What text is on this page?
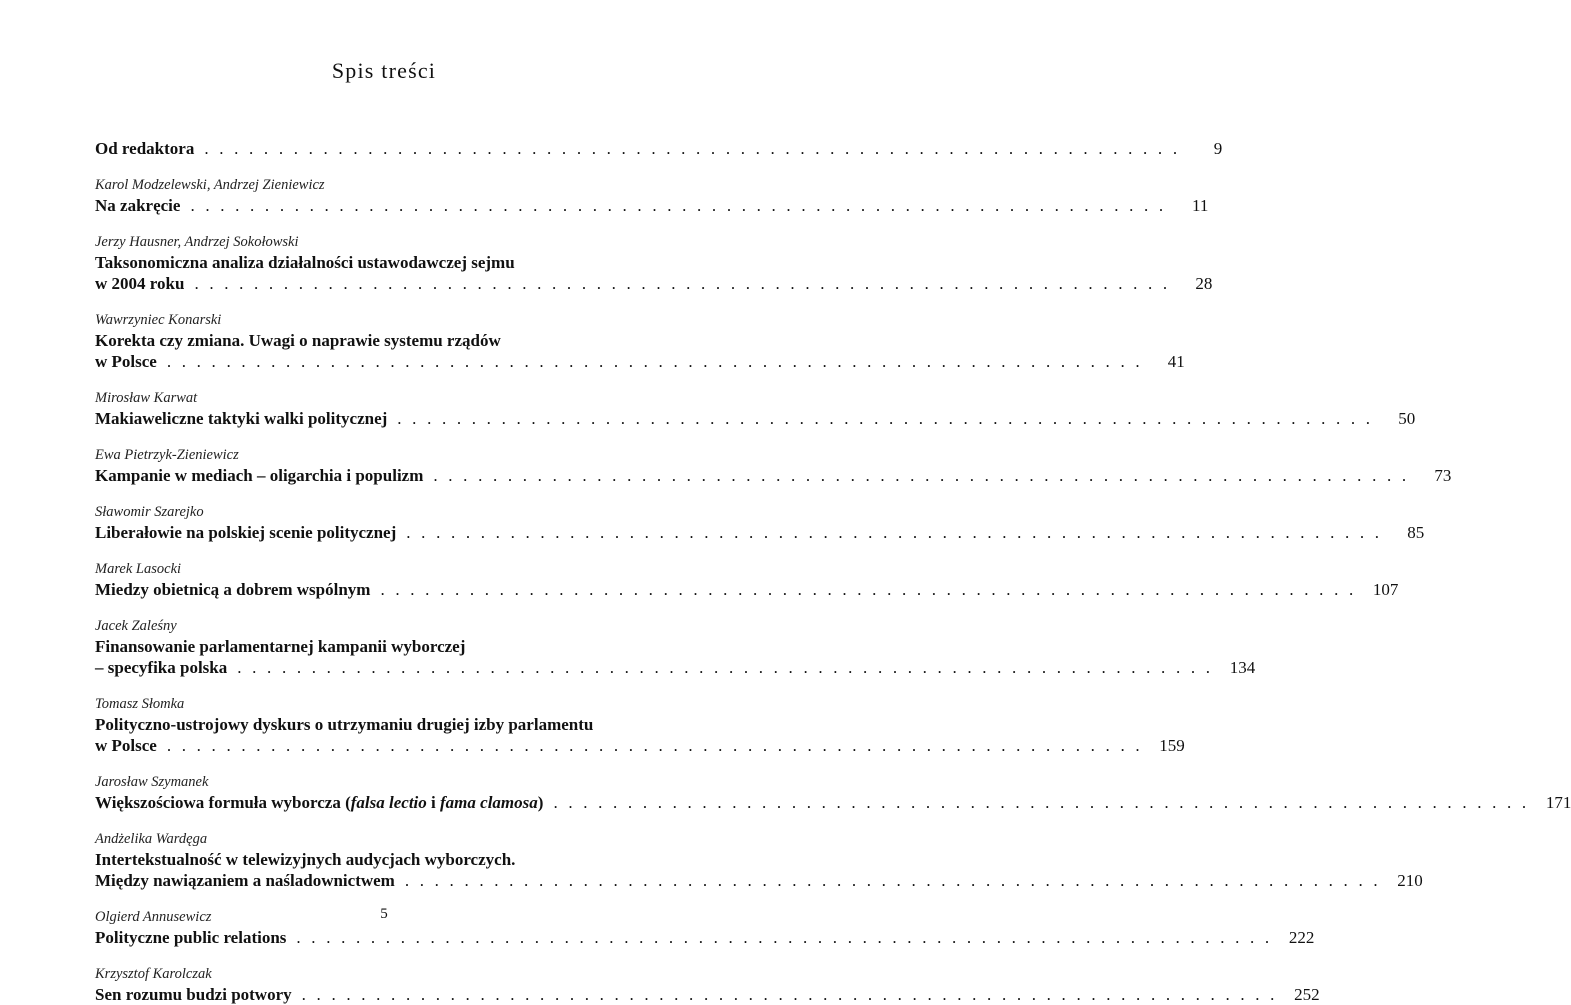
Spis treści
Od redaktora . . . . . . . . . . . . . . . . . . . . . . . . . . . . . . . . . . . . . . . . . . . . . . . . . . . . . . . . . . . . . . . . . .	9
Karol Modzelewski, Andrzej Zieniewicz
Na zakręcie . . . . . . . . . . . . . . . . . . . . . . . . . . . . . . . . . . . . . . . . . . . . . . . . . . . . . . . . . . . . . . . . . .	11
Jerzy Hausner, Andrzej Sokołowski
Taksonomiczna analiza działalności ustawodawczej sejmu
w 2004 roku . . . . . . . . . . . . . . . . . . . . . . . . . . . . . . . . . . . . . . . . . . . . . . . . . . . . . . . . . . . . . . . . . .	28
Wawrzyniec Konarski
Korekta czy zmiana. Uwagi o naprawie systemu rządów
w Polsce . . . . . . . . . . . . . . . . . . . . . . . . . . . . . . . . . . . . . . . . . . . . . . . . . . . . . . . . . . . . . . . . . .	41
Mirosław Karwat
Makiaweliczne taktyki walki politycznej . . . . . . . . . . . . . . . . . . . . . . . . . . . . . . . . . . . . . . . . . . . . . . . . . . . . . . . . . . . . . . . . . .	50
Ewa Pietrzyk-Zieniewicz
Kampanie w mediach – oligarchia i populizm . . . . . . . . . . . . . . . . . . . . . . . . . . . . . . . . . . . . . . . . . . . . . . . . . . . . . . . . . . . . . . . . . .	73
Sławomir Szarejko
Liberałowie na polskiej scenie politycznej . . . . . . . . . . . . . . . . . . . . . . . . . . . . . . . . . . . . . . . . . . . . . . . . . . . . . . . . . . . . . . . . . .	85
Marek Lasocki
Miedzy obietnicą a dobrem wspólnym . . . . . . . . . . . . . . . . . . . . . . . . . . . . . . . . . . . . . . . . . . . . . . . . . . . . . . . . . . . . . . . . . . 107
Jacek Zaleśny
Finansowanie parlamentarnej kampanii wyborczej
– specyfika polska . . . . . . . . . . . . . . . . . . . . . . . . . . . . . . . . . . . . . . . . . . . . . . . . . . . . . . . . . . . . . . . . . . 134
Tomasz Słomka
Polityczno-ustrojowy dyskurs o utrzymaniu drugiej izby parlamentu
w Polsce . . . . . . . . . . . . . . . . . . . . . . . . . . . . . . . . . . . . . . . . . . . . . . . . . . . . . . . . . . . . . . . . . . 159
Jarosław Szymanek
Większościowa formuła wyborcza (falsa lectio i fama clamosa) . . . . . . . . . . . . . . . . . . . . . . . . . . . . . . . . . . . . . . . . . . . . . . . . . . . . . . . . . . . . . . . . . . 171
Andżelika Wardęga
Intertekstualność w telewizyjnych audycjach wyborczych.
Między nawiązaniem a naśladownictwem . . . . . . . . . . . . . . . . . . . . . . . . . . . . . . . . . . . . . . . . . . . . . . . . . . . . . . . . . . . . . . . . . . 210
Olgierd Annusewicz
Polityczne public relations . . . . . . . . . . . . . . . . . . . . . . . . . . . . . . . . . . . . . . . . . . . . . . . . . . . . . . . . . . . . . . . . . . 222
Krzysztof Karolczak
Sen rozumu budzi potwory . . . . . . . . . . . . . . . . . . . . . . . . . . . . . . . . . . . . . . . . . . . . . . . . . . . . . . . . . . . . . . . . . . 252
5
